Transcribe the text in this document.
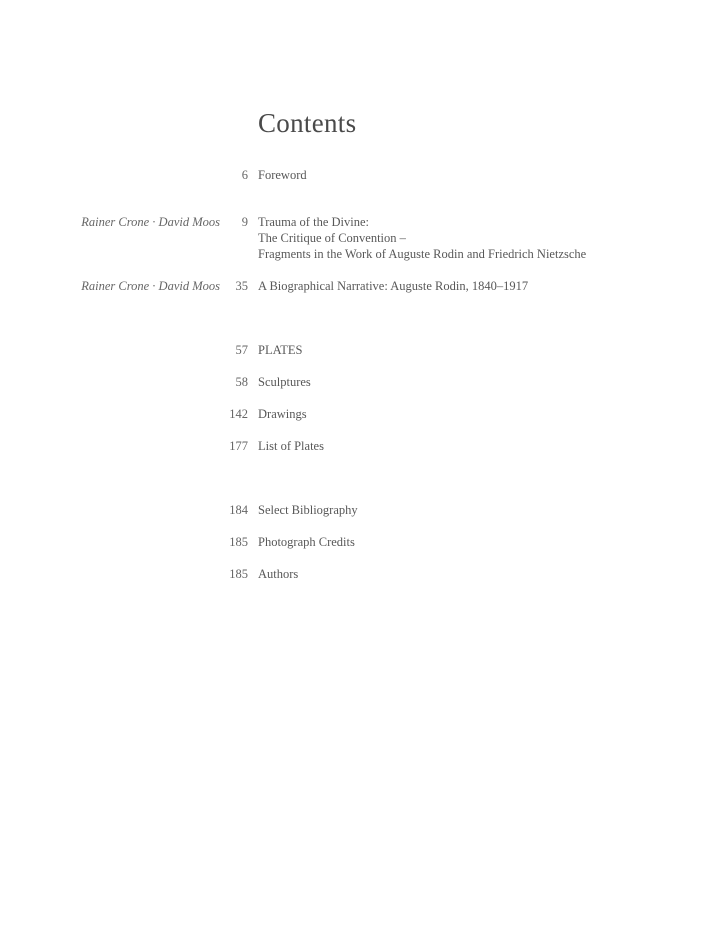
Contents
6 Foreword
Rainer Crone · David Moos 9 Trauma of the Divine:
The Critique of Convention –
Fragments in the Work of Auguste Rodin and Friedrich Nietzsche
Rainer Crone · David Moos 35 A Biographical Narrative: Auguste Rodin, 1840–1917
57 PLATES
58 Sculptures
142 Drawings
177 List of Plates
184 Select Bibliography
185 Photograph Credits
185 Authors
